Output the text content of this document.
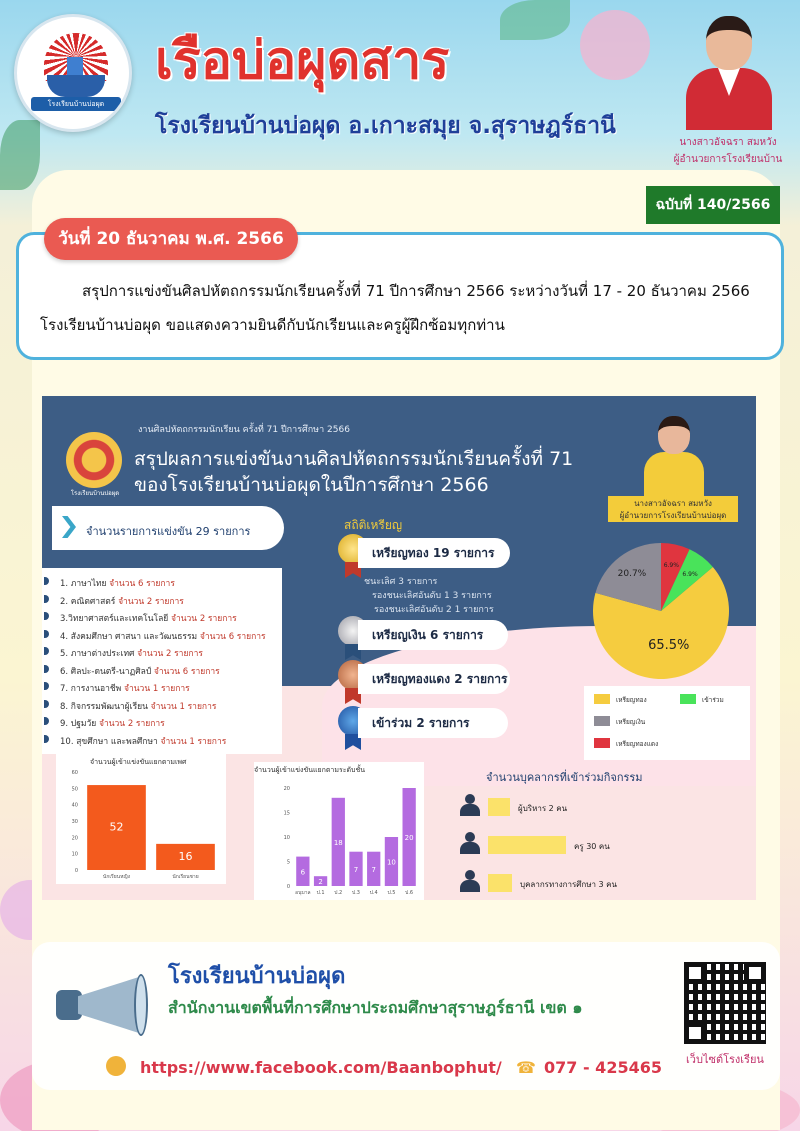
โรงเรียนบ้านบ่อผุด
เรือบ่อผุดสาร
โรงเรียนบ้านบ่อผุด อ.เกาะสมุย จ.สุราษฎร์ธานี
นางสาวอัจฉรา สมหวัง
ผู้อำนวยการโรงเรียนบ้าน
ฉบับที่ 140/2566
วันที่ 20 ธันวาคม พ.ศ. 2566
สรุปการแข่งขันศิลปหัตถกรรมนักเรียนครั้งที่ 71 ปีการศึกษา 2566 ระหว่างวันที่ 17 - 20 ธันวาคม 2566 โรงเรียนบ้านบ่อผุด ขอแสดงความยินดีกับนักเรียนและครูผู้ฝึกซ้อมทุกท่าน
โรงเรียนบ้านบ่อผุด
งานศิลปหัตถกรรมนักเรียน ครั้งที่ 71 ปีการศึกษา 2566
สรุปผลการแข่งขันงานศิลปหัตถกรรมนักเรียนครั้งที่ 71 ของโรงเรียนบ้านบ่อผุดในปีการศึกษา 2566
นางสาวอัจฉรา สมหวัง
ผู้อำนวยการโรงเรียนบ้านบ่อผุด
จำนวนรายการแข่งขัน 29 รายการ
1. ภาษาไทย จำนวน 6 รายการ
2. คณิตศาสตร์ จำนวน 2 รายการ
3.วิทยาศาสตร์และเทคโนโลยี จำนวน 2 รายการ
4. สังคมศึกษา ศาสนา และวัฒนธรรม จำนวน 6 รายการ
5. ภาษาต่างประเทศ จำนวน 2 รายการ
6. ศิลปะ-ดนตรี-นาฏศิลป์ จำนวน 6 รายการ
7. การงานอาชีพ จำนวน 1 รายการ
8. กิจกรรมพัฒนาผู้เรียน จำนวน 1 รายการ
9. ปฐมวัย จำนวน 2 รายการ
10. สุขศึกษา และพลศึกษา จำนวน 1 รายการ
สถิติเหรียญ
เหรียญทอง 19 รายการ
ชนะเลิศ 3 รายการ
รองชนะเลิศอันดับ 1 3 รายการ
รองชนะเลิศอันดับ 2 1 รายการ
เหรียญเงิน 6 รายการ
เหรียญทองแดง 2 รายการ
เข้าร่วม 2 รายการ
65.5%
20.7%
6.9%
6.9%
เหรียญทอง
เหรียญเงิน
เหรียญทองแดง
เข้าร่วม
จำนวนผู้เข้าแข่งขันแยกตามเพศ
0
10
20
30
40
50
60
52
นักเรียนหญิง
16
นักเรียนชาย
จำนวนผู้เข้าแข่งขันแยกตามระดับชั้น
0
5
10
15
20
6
อนุบาล
2
ป.1
18
ป.2
7
ป.3
7
ป.4
10
ป.5
20
ป.6
จำนวนบุคลากรที่เข้าร่วมกิจกรรม
ผู้บริหาร 2 คน
ครู 30 คน
บุคลากรทางการศึกษา 3 คน
โรงเรียนบ้านบ่อผุด
สำนักงานเขตพื้นที่การศึกษาประถมศึกษาสุราษฎร์ธานี เขต ๑
https://www.facebook.com/Baanbophut/ ☎ 077 - 425465	เว็บไซต์โรงเรียน
